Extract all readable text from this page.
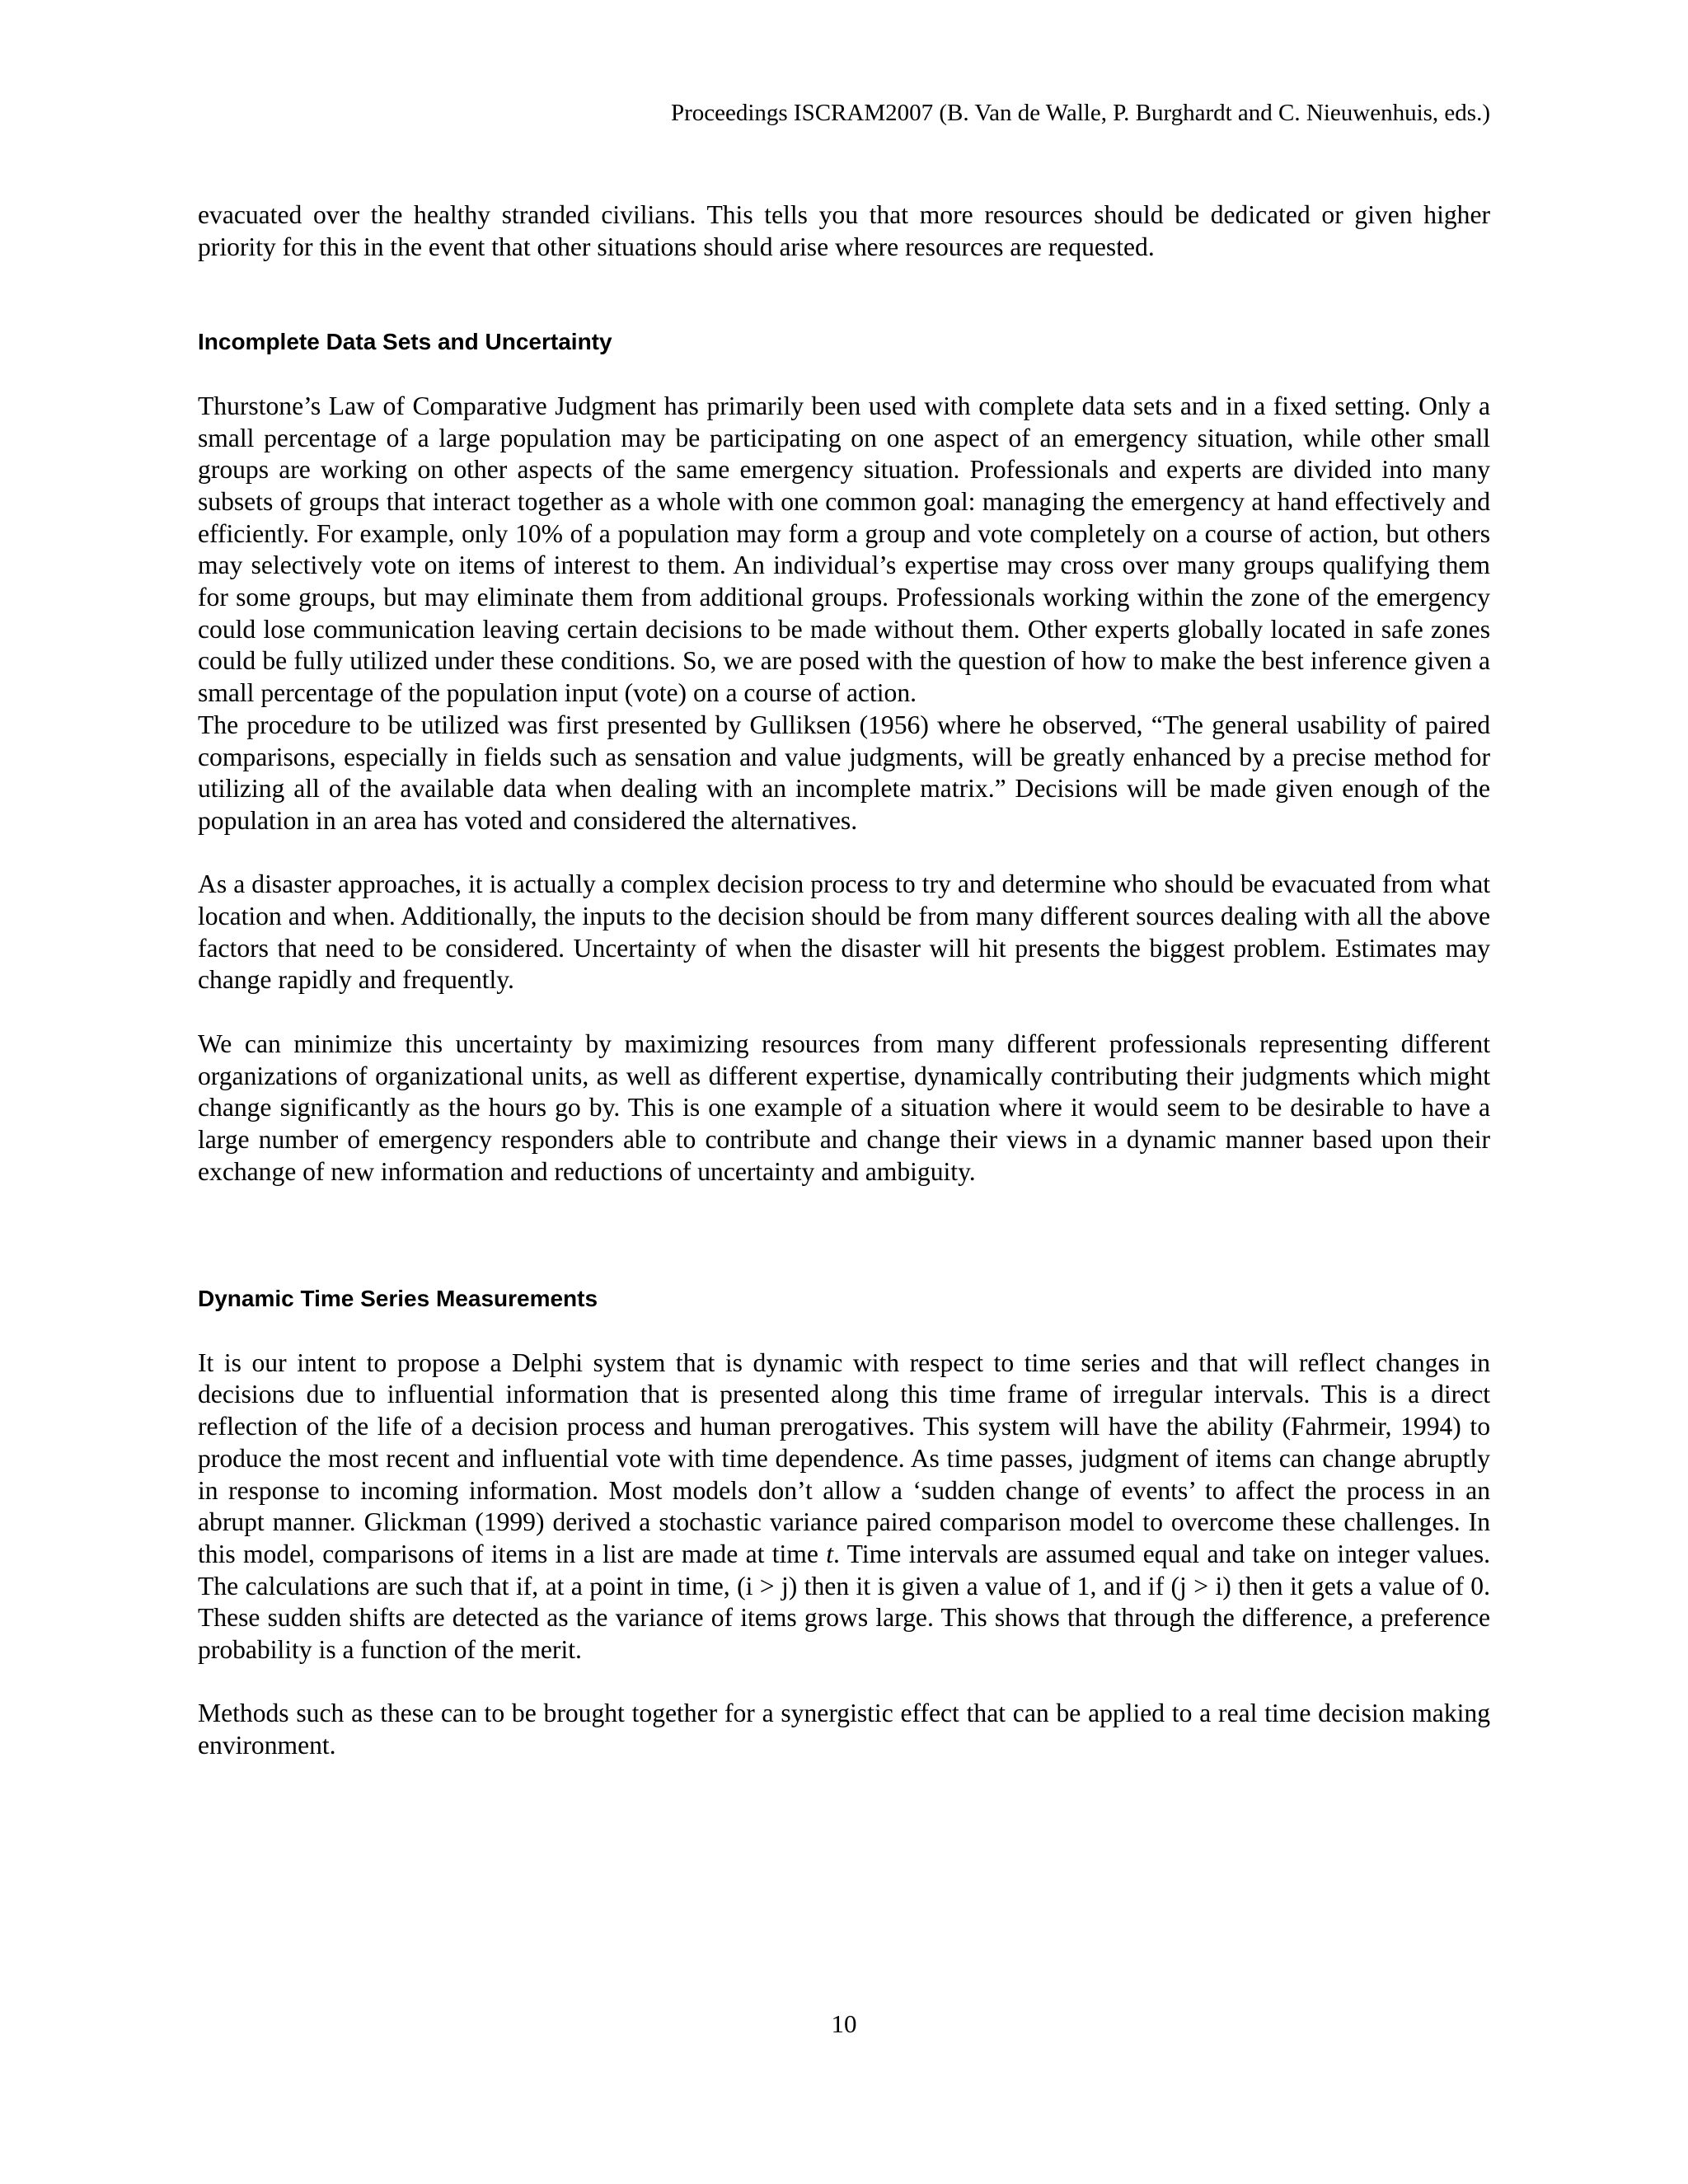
Proceedings ISCRAM2007 (B. Van de Walle, P. Burghardt and C. Nieuwenhuis, eds.)

evacuated over the healthy stranded civilians. This tells you that more resources should be dedicated or given higher priority for this in the event that other situations should arise where resources are requested.

Incomplete Data Sets and Uncertainty

Thurstone’s Law of Comparative Judgment has primarily been used with complete data sets and in a fixed setting. Only a small percentage of a large population may be participating on one aspect of an emergency situation, while other small groups are working on other aspects of the same emergency situation. Professionals and experts are divided into many subsets of groups that interact together as a whole with one common goal: managing the emergency at hand effectively and efficiently. For example, only 10% of a population may form a group and vote completely on a course of action, but others may selectively vote on items of interest to them. An individual’s expertise may cross over many groups qualifying them for some groups, but may eliminate them from additional groups. Professionals working within the zone of the emergency could lose communication leaving certain decisions to be made without them. Other experts globally located in safe zones could be fully utilized under these conditions. So, we are posed with the question of how to make the best inference given a small percentage of the population input (vote) on a course of action.

The procedure to be utilized was first presented by Gulliksen (1956) where he observed, “The general usability of paired comparisons, especially in fields such as sensation and value judgments, will be greatly enhanced by a precise method for utilizing all of the available data when dealing with an incomplete matrix.” Decisions will be made given enough of the population in an area has voted and considered the alternatives.

As a disaster approaches, it is actually a complex decision process to try and determine who should be evacuated from what location and when. Additionally, the inputs to the decision should be from many different sources dealing with all the above factors that need to be considered. Uncertainty of when the disaster will hit presents the biggest problem. Estimates may change rapidly and frequently.

We can minimize this uncertainty by maximizing resources from many different professionals representing different organizations of organizational units, as well as different expertise, dynamically contributing their judgments which might change significantly as the hours go by. This is one example of a situation where it would seem to be desirable to have a large number of emergency responders able to contribute and change their views in a dynamic manner based upon their exchange of new information and reductions of uncertainty and ambiguity.

Dynamic Time Series Measurements

It is our intent to propose a Delphi system that is dynamic with respect to time series and that will reflect changes in decisions due to influential information that is presented along this time frame of irregular intervals. This is a direct reflection of the life of a decision process and human prerogatives. This system will have the ability (Fahrmeir, 1994) to produce the most recent and influential vote with time dependence. As time passes, judgment of items can change abruptly in response to incoming information. Most models don’t allow a ‘sudden change of events’ to affect the process in an abrupt manner. Glickman (1999) derived a stochastic variance paired comparison model to overcome these challenges. In this model, comparisons of items in a list are made at time t. Time intervals are assumed equal and take on integer values. The calculations are such that if, at a point in time, (i > j) then it is given a value of 1, and if (j > i) then it gets a value of 0. These sudden shifts are detected as the variance of items grows large. This shows that through the difference, a preference probability is a function of the merit.

Methods such as these can to be brought together for a synergistic effect that can be applied to a real time decision making environment.

10
